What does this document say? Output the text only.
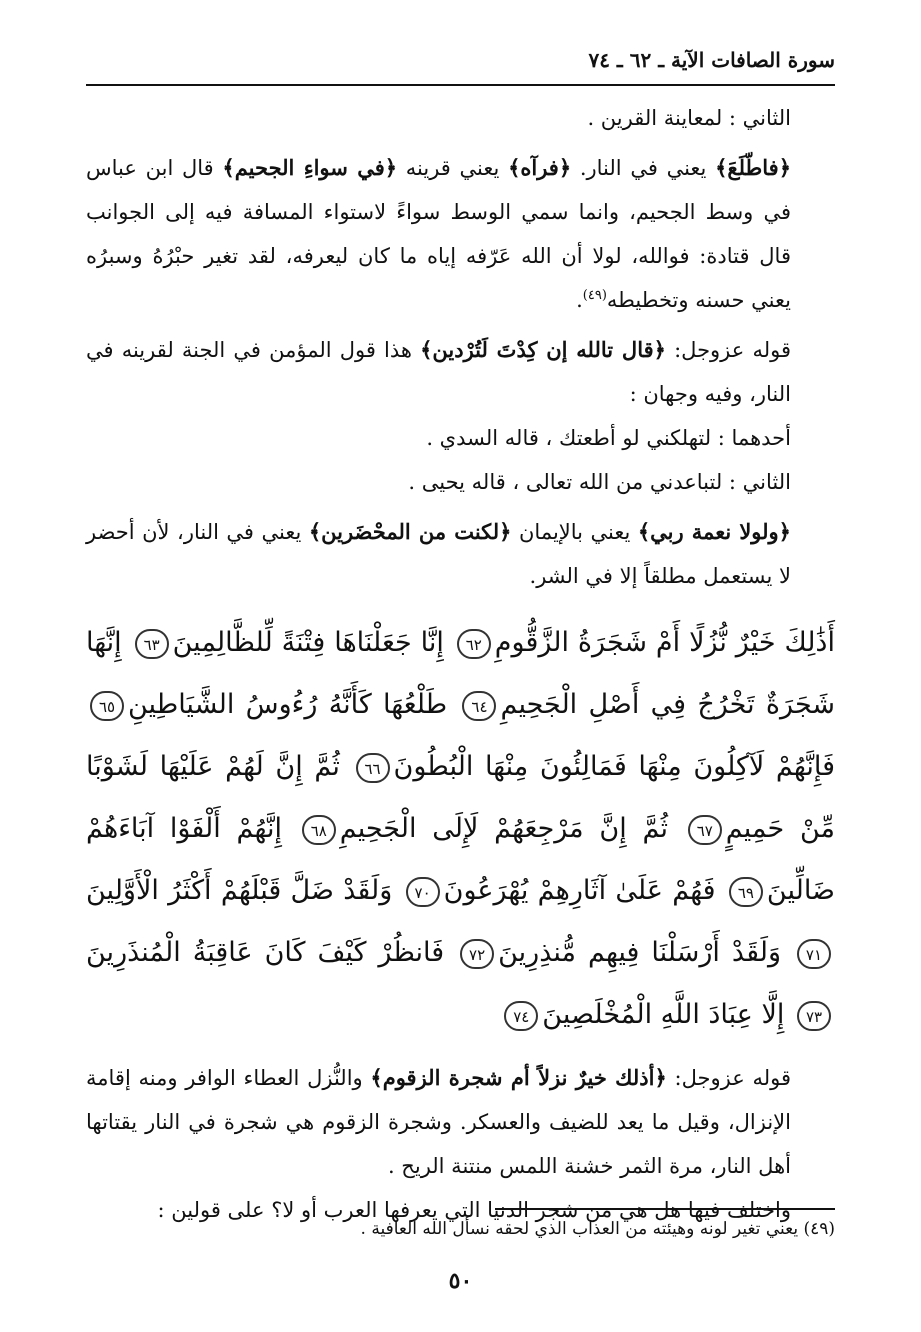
سورة الصافات الآية ـ ٦٢ ـ ٧٤

الثاني : لمعاينة القرين .

﴿فاطّلَعَ﴾ يعني في النار. ﴿فرآه﴾ يعني قرينه ﴿في سواءِ الجحيم﴾ قال ابن عباس في وسط الجحيم، وانما سمي الوسط سواءً لاستواء المسافة فيه إلى الجوانب قال قتادة: فوالله، لولا أن الله عَرّفه إياه ما كان ليعرفه، لقد تغير حبْرُهُ وسبرُه يعني حسنه وتخطيطه$^{(٤٩)}$.

قوله عزوجل: ﴿قال تالله إن كِدْتَ لَتُرْدين﴾ هذا قول المؤمن في الجنة لقرينه في النار، وفيه وجهان :

أحدهما : لتهلكني لو أطعتك ، قاله السدي .

الثاني : لتباعدني من الله تعالى ، قاله يحيى .

﴿ولولا نعمة ربي﴾ يعني بالإيمان ﴿لكنت من المحْضَرين﴾ يعني في النار، لأن أحضر لا يستعمل مطلقاً إلا في الشر.

أَذَٰلِكَ خَيْرٌ نُّزُلًا أَمْ شَجَرَةُ الزَّقُّومِ٦٢ إِنَّا جَعَلْنَاهَا فِتْنَةً لِّلظَّالِمِينَ٦٣ إِنَّهَا شَجَرَةٌ تَخْرُجُ فِي أَصْلِ الْجَحِيمِ٦٤ طَلْعُهَا كَأَنَّهُ رُءُوسُ الشَّيَاطِينِ٦٥ فَإِنَّهُمْ لَآكِلُونَ مِنْهَا فَمَالِئُونَ مِنْهَا الْبُطُونَ٦٦ ثُمَّ إِنَّ لَهُمْ عَلَيْهَا لَشَوْبًا مِّنْ حَمِيمٍ٦٧ ثُمَّ إِنَّ مَرْجِعَهُمْ لَإِلَى الْجَحِيمِ٦٨ إِنَّهُمْ أَلْفَوْا آبَاءَهُمْ ضَالِّينَ٦٩ فَهُمْ عَلَىٰ آثَارِهِمْ يُهْرَعُونَ٧٠ وَلَقَدْ ضَلَّ قَبْلَهُمْ أَكْثَرُ الْأَوَّلِينَ٧١ وَلَقَدْ أَرْسَلْنَا فِيهِم مُّنذِرِينَ٧٢ فَانظُرْ كَيْفَ كَانَ عَاقِبَةُ الْمُنذَرِينَ٧٣ إِلَّا عِبَادَ اللَّهِ الْمُخْلَصِينَ٧٤

قوله عزوجل: ﴿أذلك خيرٌ نزلاً أم شجرة الزقوم﴾ والنُّزل العطاء الوافر ومنه إقامة الإنزال، وقيل ما يعد للضيف والعسكر. وشجرة الزقوم هي شجرة في النار يقتاتها أهل النار، مرة الثمر خشنة اللمس منتنة الريح .

واختلف فيها هل هي من شجر الدنيا التي يعرفها العرب أو لا؟ على قولين :

(٤٩) يعني تغير لونه وهيئته من العذاب الذي لحقه نسأل الله العافية .
٥٠
